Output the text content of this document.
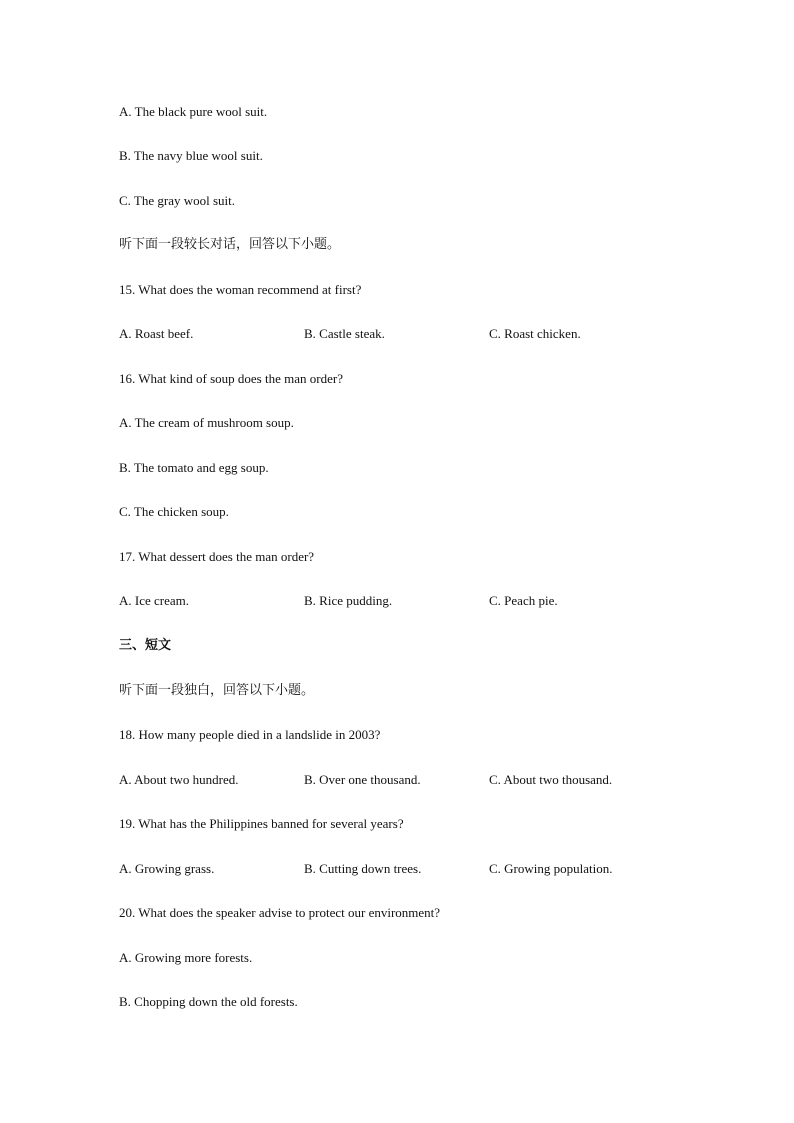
A. The black pure wool suit.
B. The navy blue wool suit.
C. The gray wool suit.
听下面一段较长对话，回答以下小题。
15. What does the woman recommend at first?
A. Roast beef.	B. Castle steak.	C. Roast chicken.
16. What kind of soup does the man order?
A. The cream of mushroom soup.
B. The tomato and egg soup.
C. The chicken soup.
17. What dessert does the man order?
A. Ice cream.	B. Rice pudding.	C. Peach pie.
三、短文
听下面一段独白，回答以下小题。
18. How many people died in a landslide in 2003?
A. About two hundred.	B. Over one thousand.	C. About two thousand.
19. What has the Philippines banned for several years?
A. Growing grass.	B. Cutting down trees.	C. Growing population.
20. What does the speaker advise to protect our environment?
A. Growing more forests.
B. Chopping down the old forests.
